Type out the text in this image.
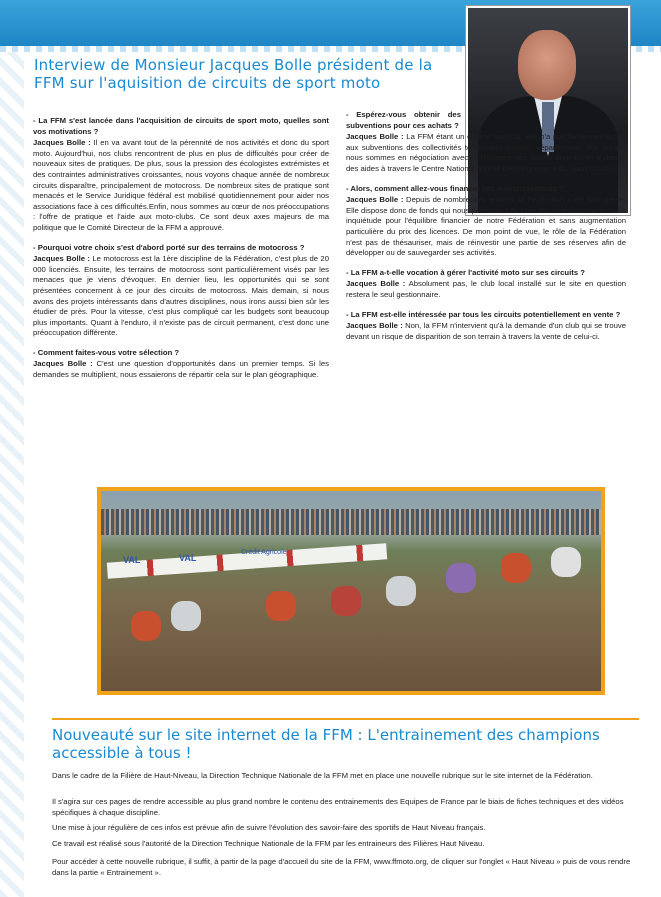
Interview de Monsieur Jacques Bolle président de la FFM sur l'aquisition de circuits de sport moto

- La FFM s'est lancée dans l'acquisition de circuits de sport moto, quelles sont vos motivations ?

Jacques Bolle : Il en va avant tout de la pérennité de nos activités et donc du sport moto. Aujourd'hui, nos clubs rencontrent de plus en plus de difficultés pour créer de nouveaux sites de pratiques. De plus, sous la pression des écologistes extrémistes et des contraintes administratives croissantes, nous voyons chaque année de nombreux circuits disparaître, principalement de motocross. De nombreux sites de pratique sont menacés et le Service Juridique fédéral est mobilisé quotidiennement pour aider nos associations face à ces difficultés.Enfin, nous sommes au cœur de nos préoccupations : l'offre de pratique et l'aide aux moto-clubs. Ce sont deux axes majeurs de ma politique que le Comité Directeur de la FFM a approuvé.

- Pourquoi votre choix s'est d'abord porté sur des terrains de motocross ?

Jacques Bolle : Le motocross est la 1ère discipline de la Fédération, c'est plus de 20 000 licenciés. Ensuite, les terrains de motocross sont particulièrement visés par les menaces que je viens d'évoquer. En dernier lieu, les opportunités qui se sont présentées concernent à ce jour des circuits de motocross. Mais demain, si nous avons des projets intéressants dans d'autres disciplines, nous irons aussi bien sûr les étudier de près. Pour la vitesse, c'est plus compliqué car les budgets sont beaucoup plus importants. Quant à l'enduro, il n'existe pas de circuit permanent, c'est donc une préoccupation différente.

- Comment faites-vous votre sélection ?

Jacques Bolle : C'est une question d'opportunités dans un premier temps. Si les demandes se multiplient, nous essaierons de répartir cela sur le plan géographique.

- Espérez-vous obtenir des subventions pour ces achats ?

Jacques Bolle : La FFM étant un organe national, elle n'a pas facilement accès aux subventions des collectivités territoriales (région, département). Par contre, nous sommes en négociation avec le Ministère des Sports pour tenter d'obtenir des aides à travers le Centre National pour le Développement du Sport (CNDS).

- Alors, comment allez-vous financer ces investissements ?

Jacques Bolle : Depuis de nombreuses années, la Fédération a été bien gérée. Elle dispose donc de fonds qui nous permettent de faire des investissements sans inquiétude pour l'équilibre financier de notre Fédération et sans augmentation particulière du prix des licences. De mon point de vue, le rôle de la Fédération n'est pas de thésauriser, mais de réinvestir une partie de ses réserves afin de développer ou de sauvegarder ses activités.

- La FFM a-t-elle vocation à gérer l'activité moto sur ses circuits ?

Jacques Bolle : Absolument pas, le club local installé sur le site en question restera le seul gestionnaire.

- La FFM est-elle intéressée par tous les circuits potentiellement en vente ?

Jacques Bolle : Non, la FFM n'intervient qu'à la demande d'un club qui se trouve devant un risque de disparition de son terrain à travers la vente de celui-ci.

VAL
Crédit Agricole
VAL
Nouveauté sur le site internet de la FFM : L'entrainement des champions accessible à tous !

Dans le cadre de la Filière de Haut-Niveau, la Direction Technique Nationale de la FFM met en place une nouvelle rubrique sur le site internet de la Fédération.

Il s'agira sur ces pages de rendre accessible au plus grand nombre le contenu des entrainements des Equipes de France par le biais de fiches techniques et des vidéos spécifiques à chaque discipline.

Une mise à jour régulière de ces infos est prévue afin de suivre l'évolution des savoir-faire des sportifs de Haut Niveau français.

Ce travail est réalisé sous l'autorité de la Direction Technique Nationale de la FFM par les entraineurs des Filières Haut Niveau.

Pour accéder à cette nouvelle rubrique, il suffit, à partir de la page d'accueil du site de la FFM, www.ffmoto.org, de cliquer sur l'onglet « Haut Niveau » puis de vous rendre dans la partie « Entrainement ».
